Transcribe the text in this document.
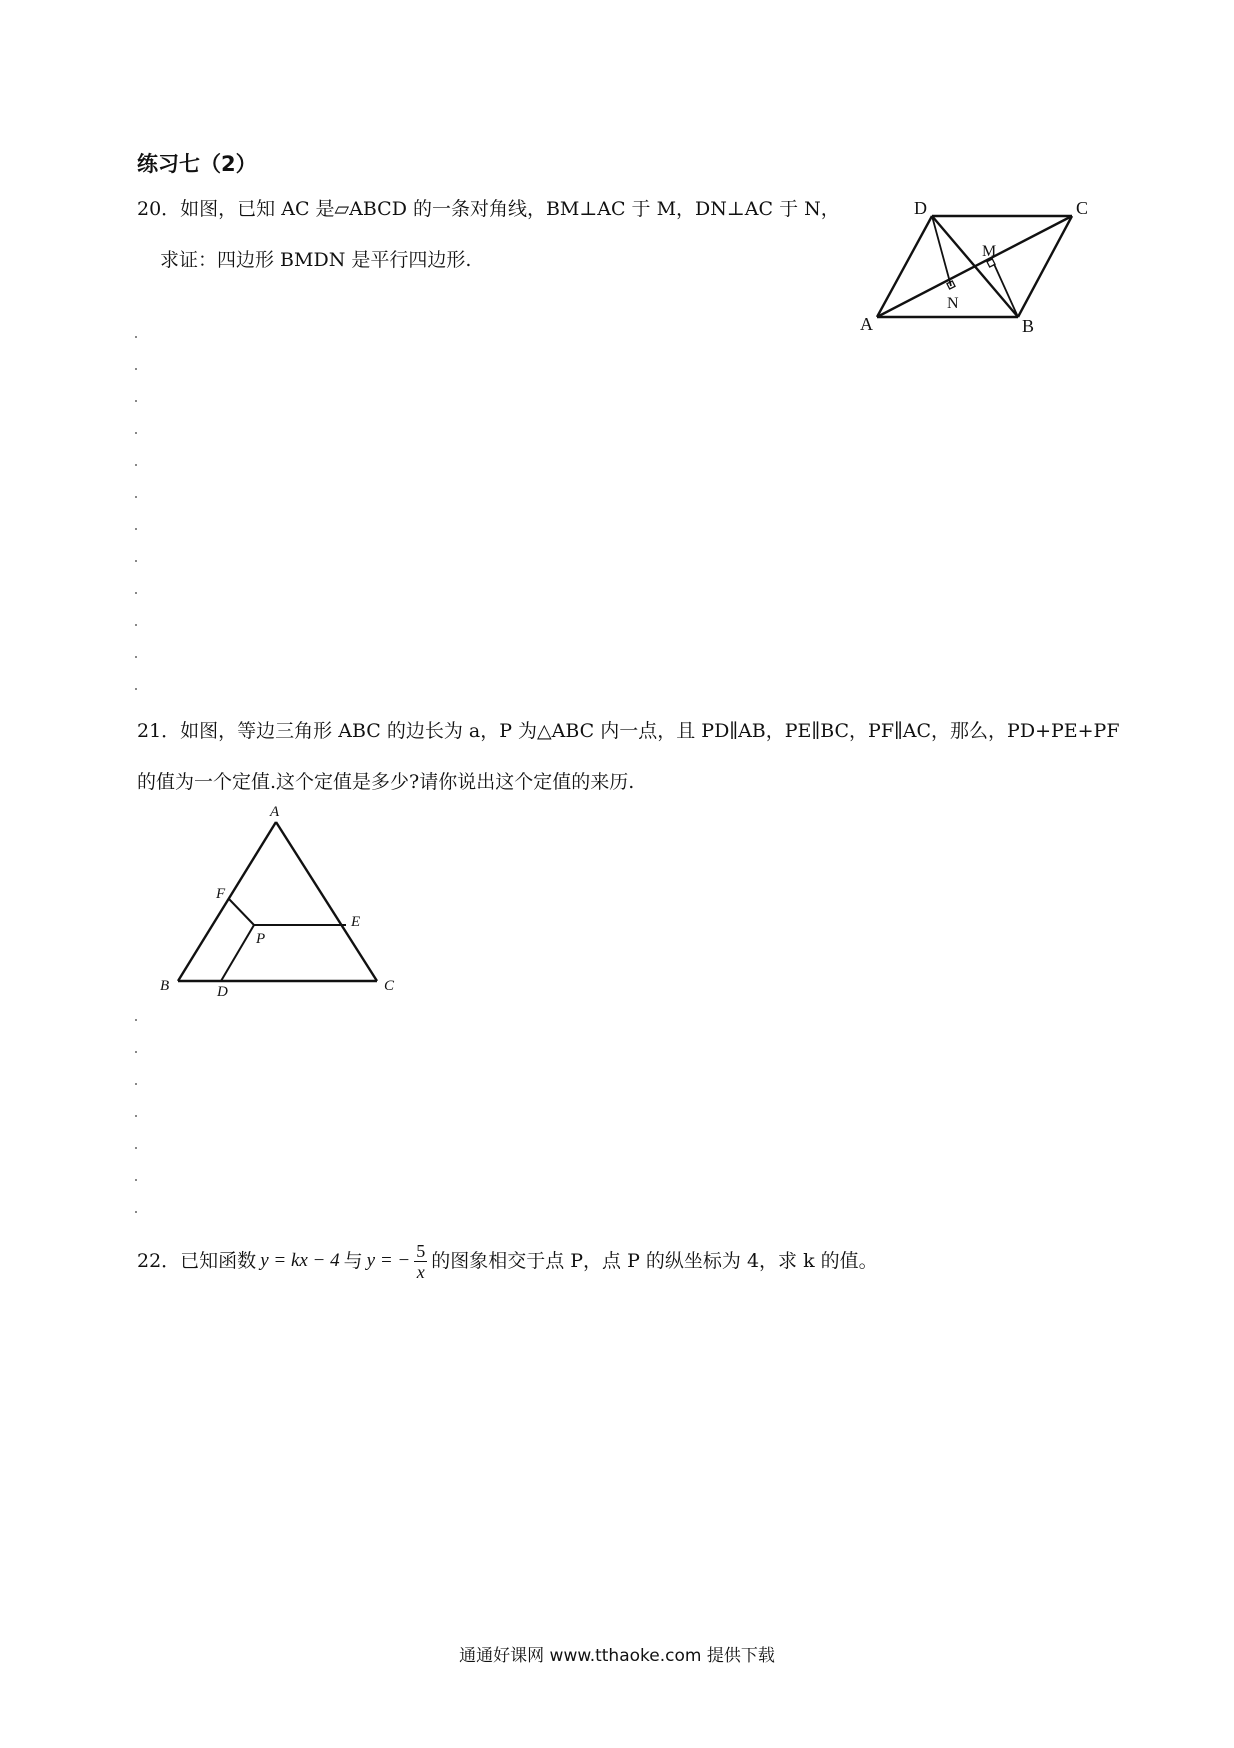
练习七（2）
20．如图，已知 AC 是▱ABCD 的一条对角线，BM⊥AC 于 M，DN⊥AC 于 N，
求证：四边形 BMDN 是平行四边形.
D	C
M
N
A	B
21．如图，等边三角形 ABC 的边长为 a，P 为△ABC 内一点，且 PD∥AB，PE∥BC，PF∥AC，那么，PD+PE+PF
的值为一个定值.这个定值是多少?请你说出这个定值的来历.
A
F
E
P
B	D	C
22．已知函数 y = kx − 4 与 y = − $\frac{5}{x}$ 的图象相交于点 P，点 P 的纵坐标为 4，求 k 的值。
通通好课网 www.tthaoke.com 提供下载
